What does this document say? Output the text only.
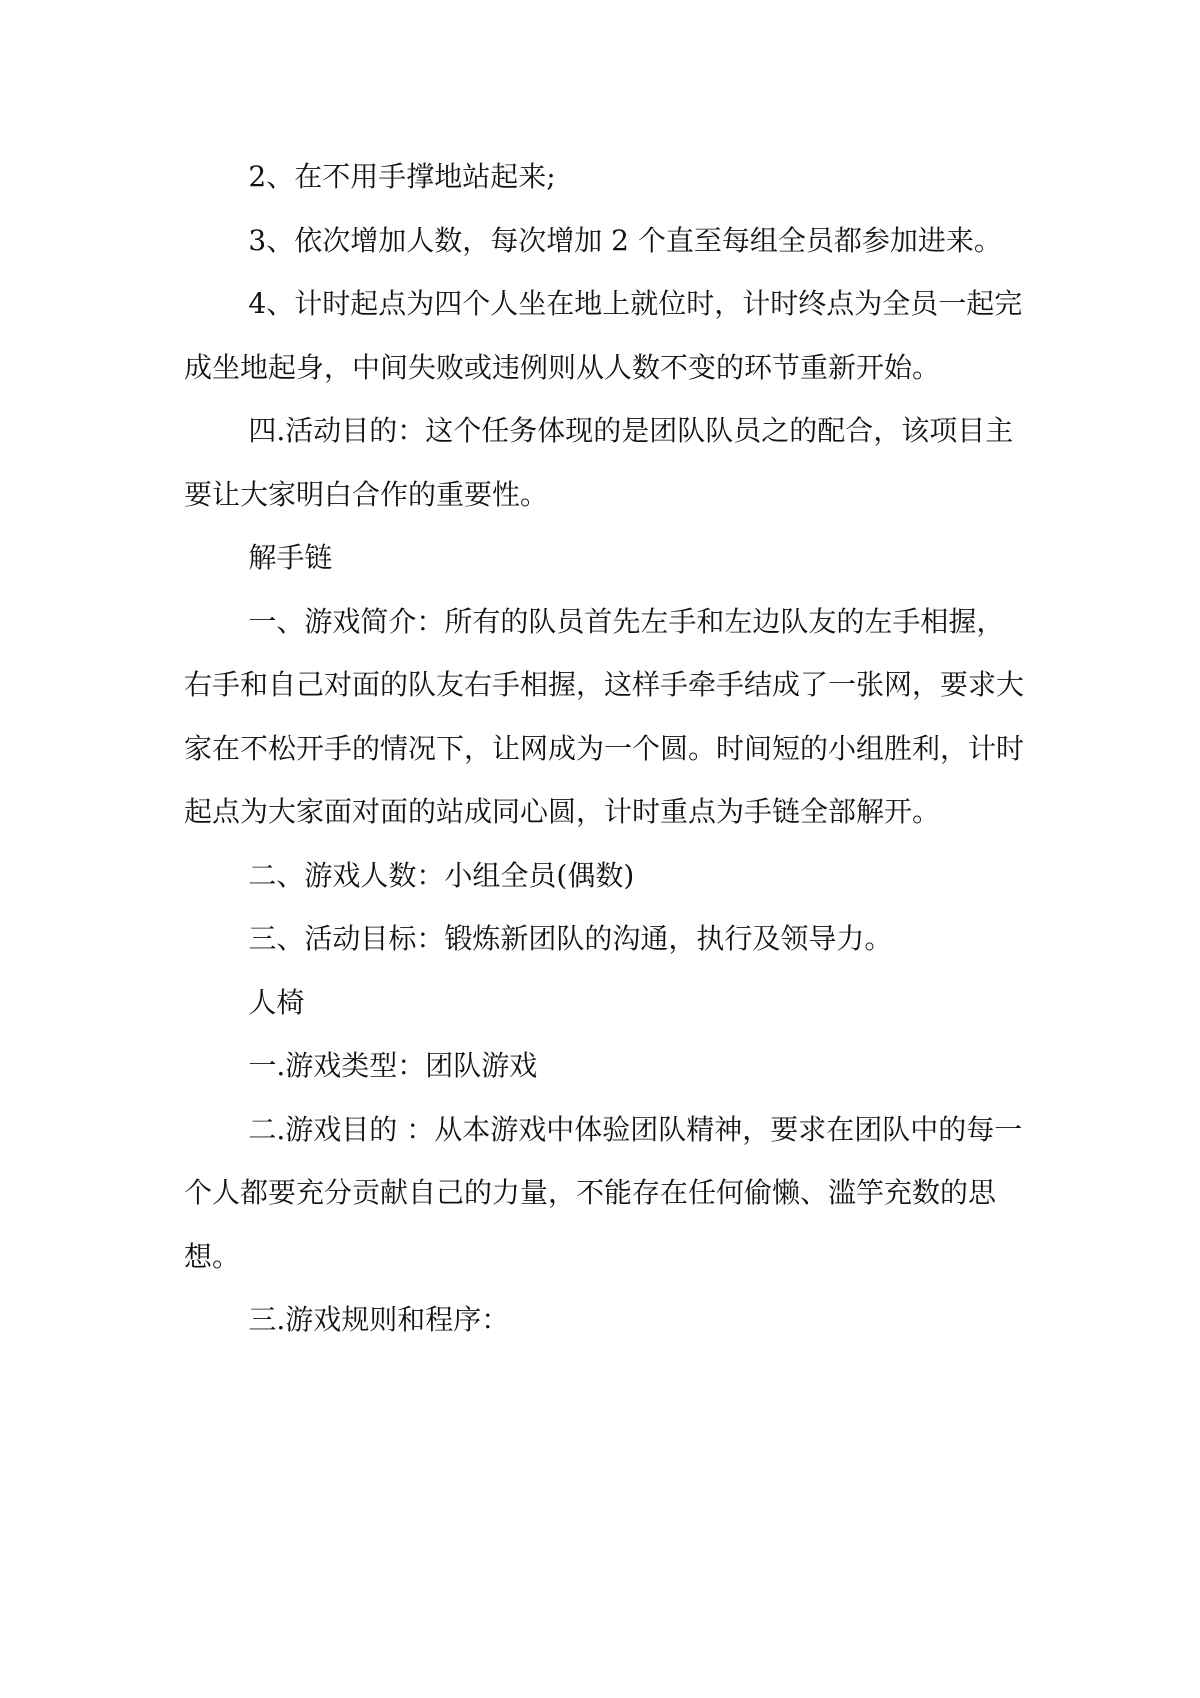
2、在不用手撑地站起来;

3、依次增加人数，每次增加 2 个直至每组全员都参加进来。

4、计时起点为四个人坐在地上就位时，计时终点为全员一起完成坐地起身，中间失败或违例则从人数不变的环节重新开始。

四.活动目的：这个任务体现的是团队队员之的配合，该项目主要让大家明白合作的重要性。

解手链

一、游戏简介：所有的队员首先左手和左边队友的左手相握，右手和自己对面的队友右手相握，这样手牵手结成了一张网，要求大家在不松开手的情况下，让网成为一个圆。时间短的小组胜利，计时起点为大家面对面的站成同心圆，计时重点为手链全部解开。

二、游戏人数：小组全员(偶数)

三、活动目标：锻炼新团队的沟通，执行及领导力。

人椅

一.游戏类型：团队游戏

二.游戏目的 ：从本游戏中体验团队精神，要求在团队中的每一个人都要充分贡献自己的力量，不能存在任何偷懒、滥竽充数的思想。

三.游戏规则和程序：
